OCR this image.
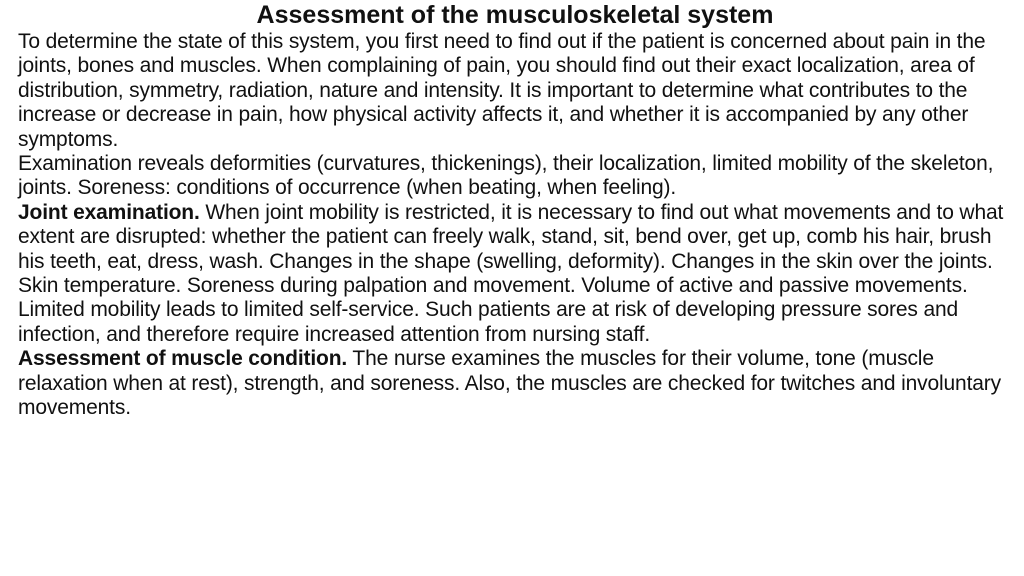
Assessment of the musculoskeletal system

To determine the state of this system, you first need to find out if the patient is concerned about pain in the joints, bones and muscles. When complaining of pain, you should find out their exact localization, area of distribution, symmetry, radiation, nature and intensity. It is important to determine what contributes to the increase or decrease in pain, how physical activity affects it, and whether it is accompanied by any other symptoms.

Examination reveals deformities (curvatures, thickenings), their localization, limited mobility of the skeleton, joints. Soreness: conditions of occurrence (when beating, when feeling).

Joint examination. When joint mobility is restricted, it is necessary to find out what movements and to what extent are disrupted: whether the patient can freely walk, stand, sit, bend over, get up, comb his hair, brush his teeth, eat, dress, wash. Changes in the shape (swelling, deformity). Changes in the skin over the joints. Skin temperature. Soreness during palpation and movement. Volume of active and passive movements. Limited mobility leads to limited self-service. Such patients are at risk of developing pressure sores and infection, and therefore require increased attention from nursing staff.

Assessment of muscle condition. The nurse examines the muscles for their volume, tone (muscle relaxation when at rest), strength, and soreness. Also, the muscles are checked for twitches and involuntary movements.
